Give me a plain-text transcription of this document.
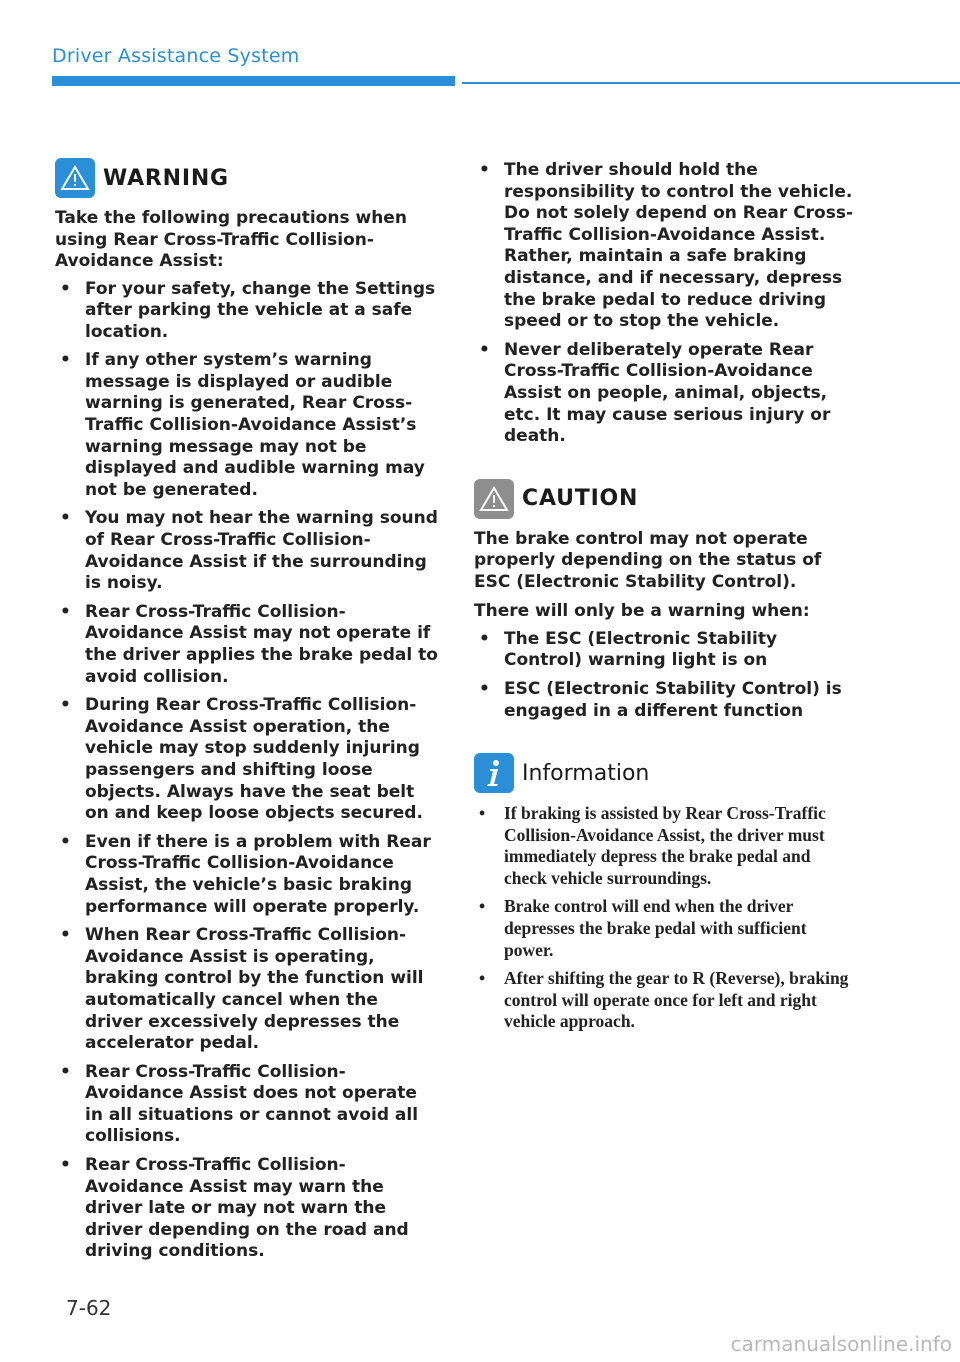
Driver Assistance System
WARNING

Take the following precautions when using Rear Cross-Traffic Collision-Avoidance Assist:

• For your safety, change the Settings after parking the vehicle at a safe location.
• If any other system’s warning message is displayed or audible warning is generated, Rear Cross-Traffic Collision-Avoidance Assist’s warning message may not be displayed and audible warning may not be generated.
• You may not hear the warning sound of Rear Cross-Traffic Collision-Avoidance Assist if the surrounding is noisy.
• Rear Cross-Traffic Collision-Avoidance Assist may not operate if the driver applies the brake pedal to avoid collision.
• During Rear Cross-Traffic Collision-Avoidance Assist operation, the vehicle may stop suddenly injuring passengers and shifting loose objects. Always have the seat belt on and keep loose objects secured.
• Even if there is a problem with Rear Cross-Traffic Collision-Avoidance Assist, the vehicle’s basic braking performance will operate properly.
• When Rear Cross-Traffic Collision-Avoidance Assist is operating, braking control by the function will automatically cancel when the driver excessively depresses the accelerator pedal.
• Rear Cross-Traffic Collision-Avoidance Assist does not operate in all situations or cannot avoid all collisions.
• Rear Cross-Traffic Collision-Avoidance Assist may warn the driver late or may not warn the driver depending on the road and driving conditions.
• The driver should hold the responsibility to control the vehicle. Do not solely depend on Rear Cross-Traffic Collision-Avoidance Assist. Rather, maintain a safe braking distance, and if necessary, depress the brake pedal to reduce driving speed or to stop the vehicle.
• Never deliberately operate Rear Cross-Traffic Collision-Avoidance Assist on people, animal, objects, etc. It may cause serious injury or death.
CAUTION

The brake control may not operate properly depending on the status of ESC (Electronic Stability Control).

There will only be a warning when:

• The ESC (Electronic Stability Control) warning light is on
• ESC (Electronic Stability Control) is engaged in a different function
Information
• If braking is assisted by Rear Cross-Traffic Collision-Avoidance Assist, the driver must immediately depress the brake pedal and check vehicle surroundings.
• Brake control will end when the driver depresses the brake pedal with sufficient power.
• After shifting the gear to R (Reverse), braking control will operate once for left and right vehicle approach.
7-62
carmanualsonline.info
